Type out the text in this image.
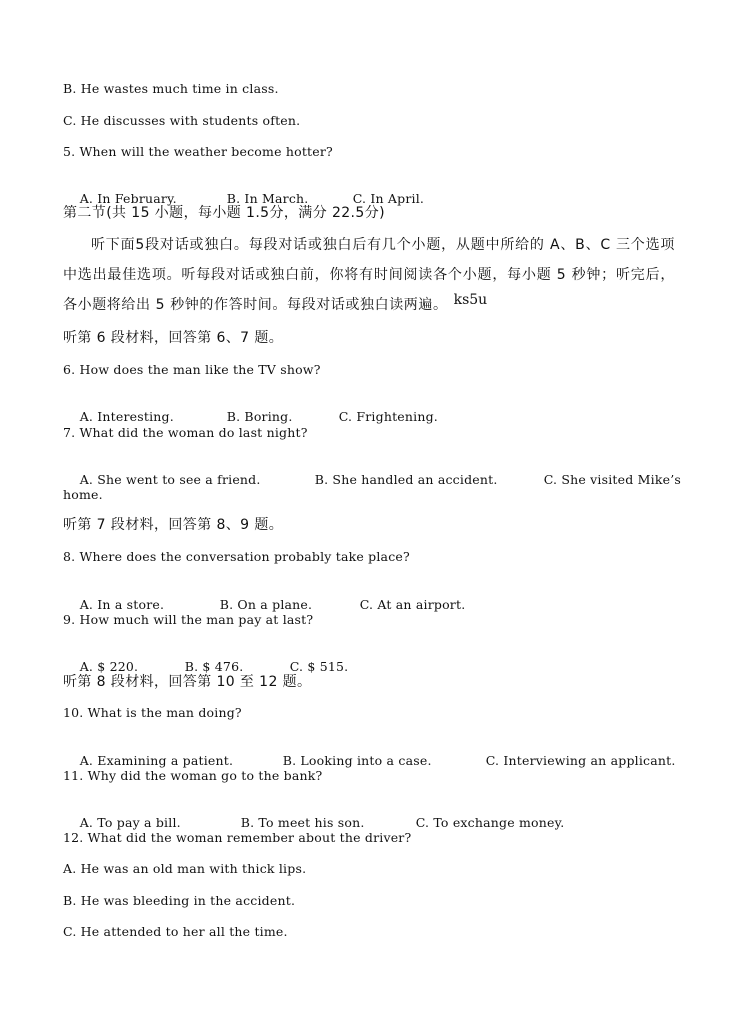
B. He wastes much time in class.
C. He discusses with students often.
5. When will the weather become hotter?

A. In February.	B. In March.	C. In April.

第二节(共 15 小题，每小题 1.5分，满分 22.5分)
听下面5段对话或独白。每段对话或独白后有几个小题，从题中所给的 A、B、C 三个选项中选出最佳选项。听每段对话或独白前，你将有时间阅读各个小题，每小题 5 秒钟；听完后，各小题将给出 5 秒钟的作答时间。每段对话或独白读两遍。 ks5u
听第 6 段材料，回答第 6、7 题。
6. How does the man like the TV show?

A. Interesting.	B. Boring.	C. Frightening.

7. What did the woman do last night?

A. She went to see a friend.	B. She handled an accident.	C. She visited Mike’s

home.
听第 7 段材料，回答第 8、9 题。
8. Where does the conversation probably take place?

A. In a store.	B. On a plane.	C. At an airport.

9. How much will the man pay at last?

A. $ 220.	B. $ 476.	C. $ 515.

听第 8 段材料，回答第 10 至 12 题。
10. What is the man doing?

A. Examining a patient.	B. Looking into a case.	C. Interviewing an applicant.

11. Why did the woman go to the bank?

A. To pay a bill.	B. To meet his son.	C. To exchange money.

12. What did the woman remember about the driver?
A. He was an old man with thick lips.
B. He was bleeding in the accident.
C. He attended to her all the time.
